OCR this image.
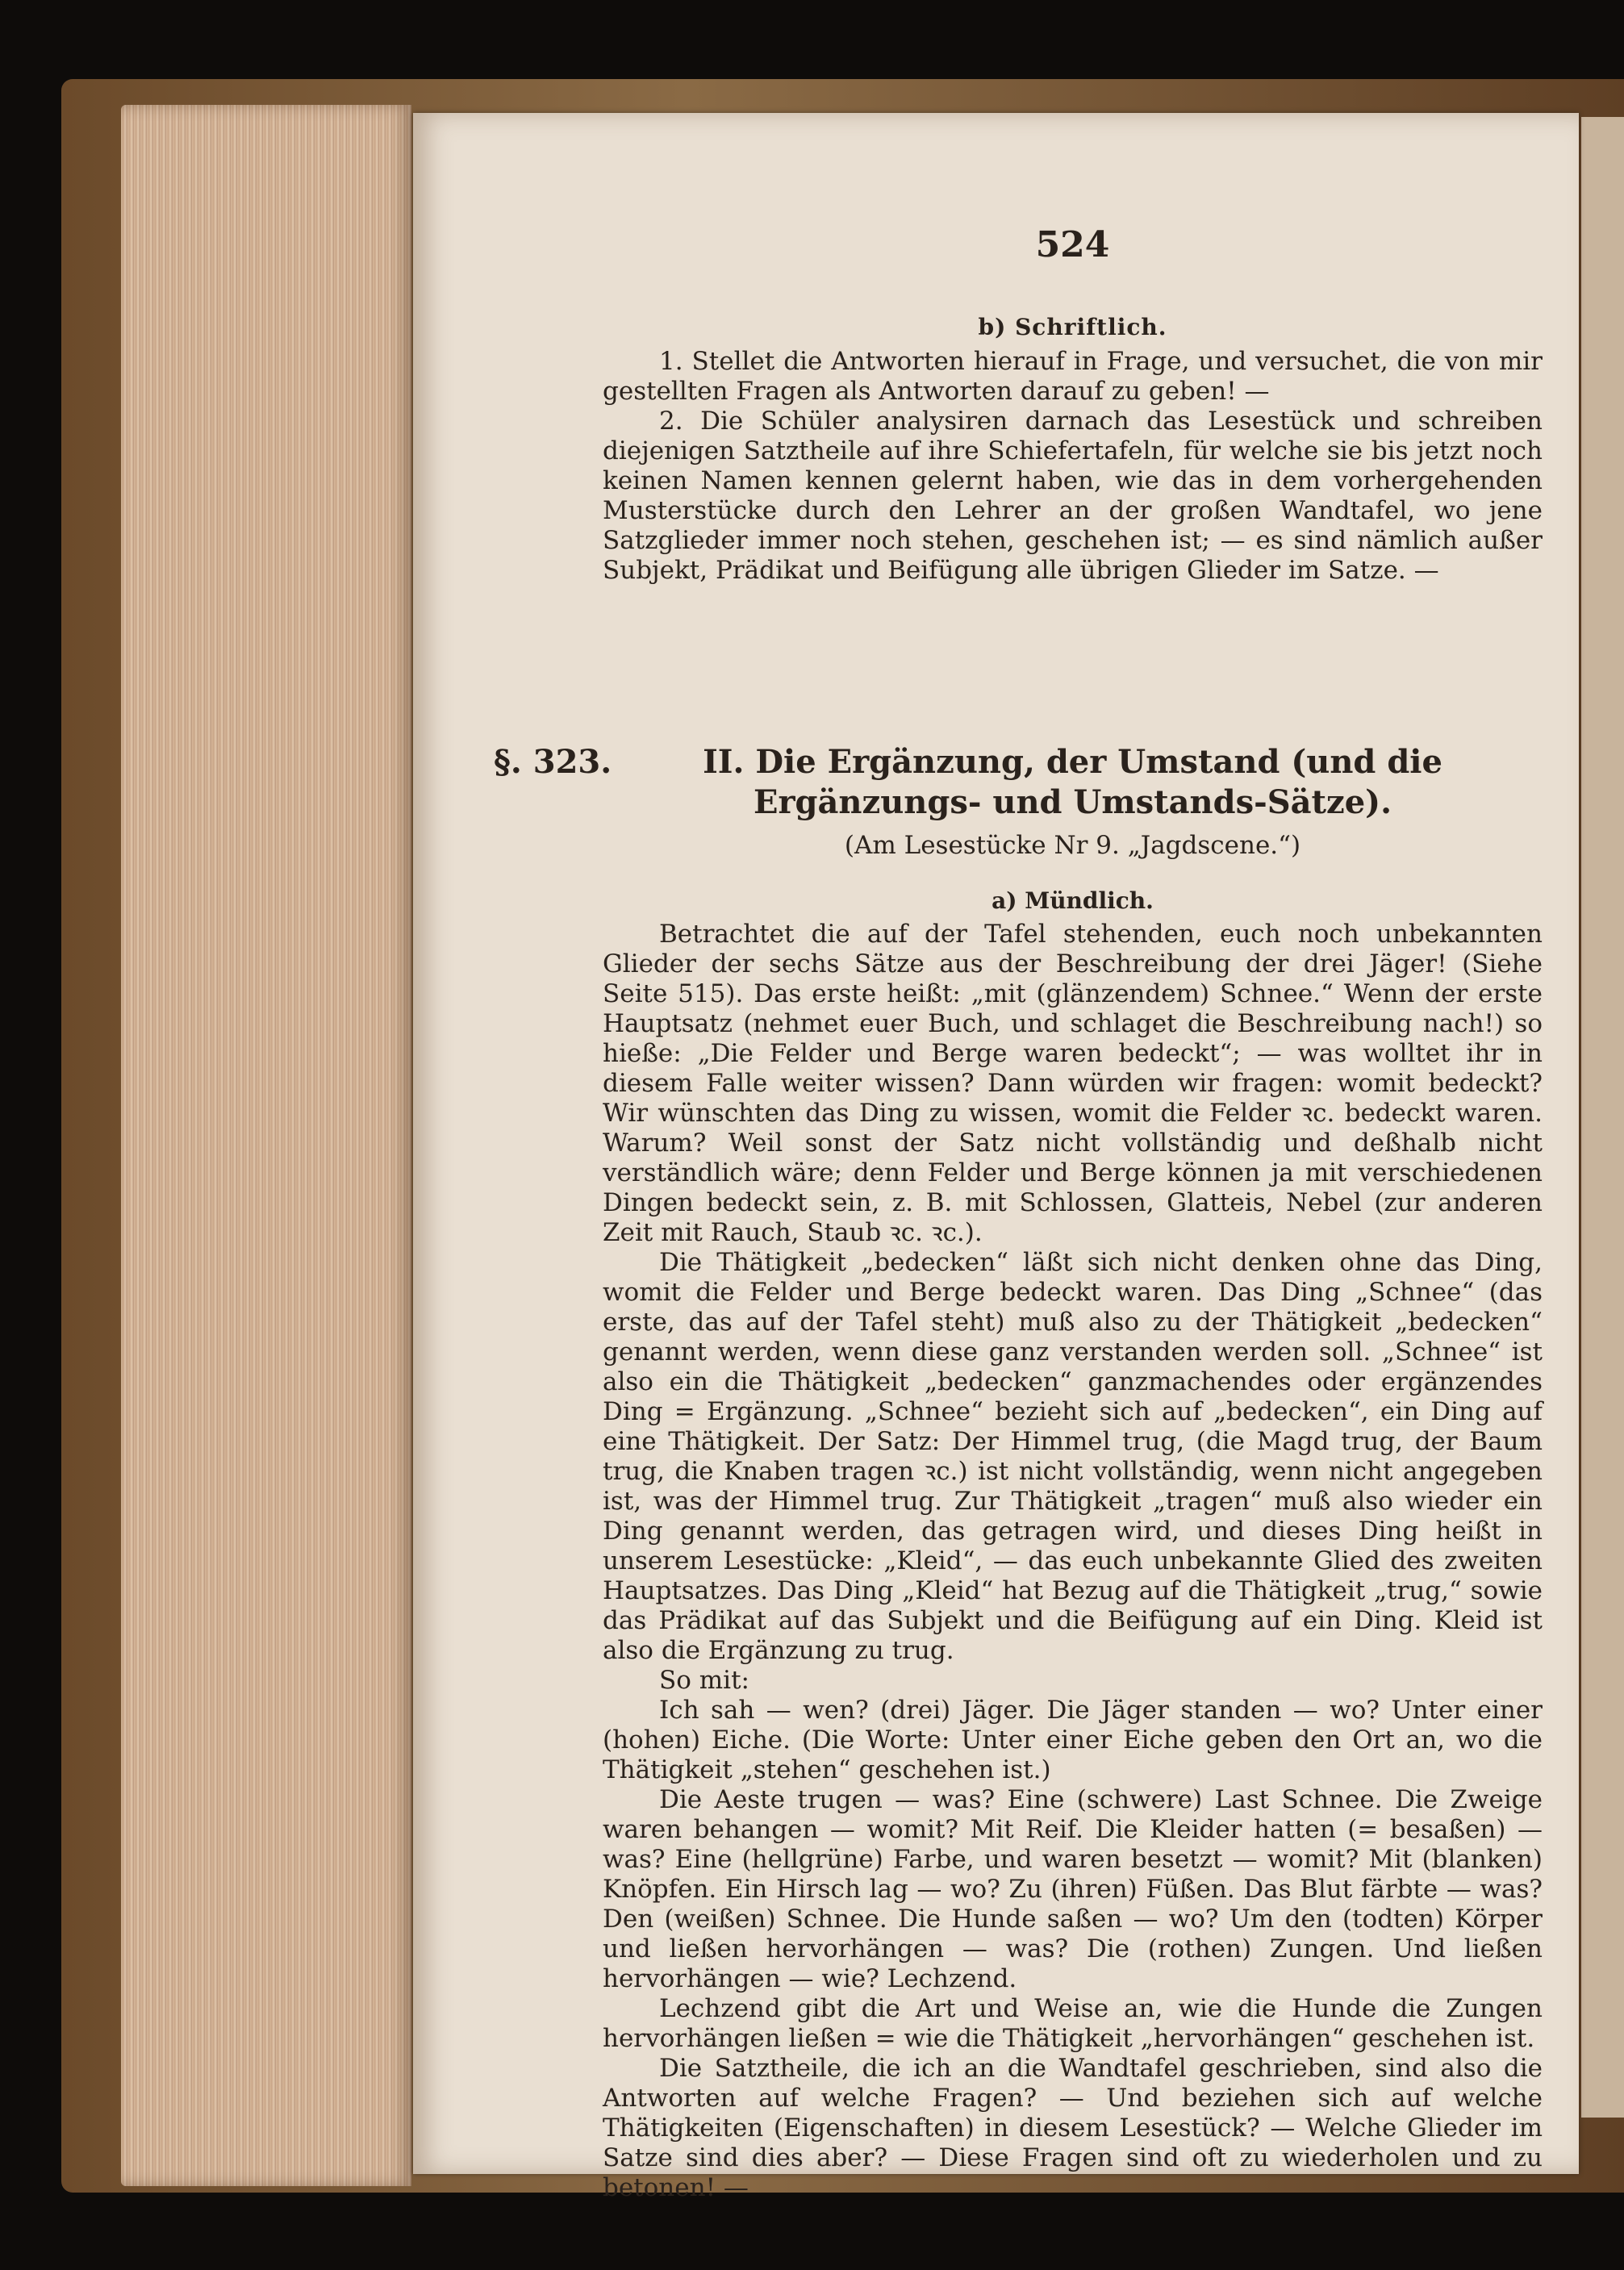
524
b) Schriftlich.

1. Stellet die Antworten hierauf in Frage, und versuchet, die von mir gestellten Fragen als Antworten darauf zu geben! —

2. Die Schüler analysiren darnach das Lesestück und schreiben diejenigen Satztheile auf ihre Schiefertafeln, für welche sie bis jetzt noch keinen Namen kennen gelernt haben, wie das in dem vorhergehenden Musterstücke durch den Lehrer an der großen Wandtafel, wo jene Satzglieder immer noch stehen, geschehen ist; — es sind nämlich außer Subjekt, Prädikat und Beifügung alle übrigen Glieder im Satze. —

§. 323.	II. Die Ergänzung, der Umstand (und die Ergänzungs- und Umstands-Sätze).
(Am Lesestücke Nr 9. „Jagdscene.“)
a) Mündlich.

Betrachtet die auf der Tafel stehenden, euch noch unbekannten Glieder der sechs Sätze aus der Beschreibung der drei Jäger! (Siehe Seite 515). Das erste heißt: „mit (glänzendem) Schnee.“ Wenn der erste Hauptsatz (nehmet euer Buch, und schlaget die Beschreibung nach!) so hieße: „Die Felder und Berge waren bedeckt“; — was wolltet ihr in diesem Falle weiter wissen? Dann würden wir fragen: womit bedeckt? Wir wünschten das Ding zu wissen, womit die Felder ꝛc. bedeckt waren. Warum? Weil sonst der Satz nicht vollständig und deßhalb nicht verständlich wäre; denn Felder und Berge können ja mit verschiedenen Dingen bedeckt sein, z. B. mit Schlossen, Glatteis, Nebel (zur anderen Zeit mit Rauch, Staub ꝛc. ꝛc.).

Die Thätigkeit „bedecken“ läßt sich nicht denken ohne das Ding, womit die Felder und Berge bedeckt waren. Das Ding „Schnee“ (das erste, das auf der Tafel steht) muß also zu der Thätigkeit „bedecken“ genannt werden, wenn diese ganz verstanden werden soll. „Schnee“ ist also ein die Thätigkeit „bedecken“ ganzmachendes oder ergänzendes Ding = Ergänzung. „Schnee“ bezieht sich auf „bedecken“, ein Ding auf eine Thätigkeit. Der Satz: Der Himmel trug, (die Magd trug, der Baum trug, die Knaben tragen ꝛc.) ist nicht vollständig, wenn nicht angegeben ist, was der Himmel trug. Zur Thätigkeit „tragen“ muß also wieder ein Ding genannt werden, das getragen wird, und dieses Ding heißt in unserem Lesestücke: „Kleid“, — das euch unbekannte Glied des zweiten Hauptsatzes. Das Ding „Kleid“ hat Bezug auf die Thätigkeit „trug,“ sowie das Prädikat auf das Subjekt und die Beifügung auf ein Ding. Kleid ist also die Ergänzung zu trug.

So mit:

Ich sah — wen? (drei) Jäger. Die Jäger standen — wo? Unter einer (hohen) Eiche. (Die Worte: Unter einer Eiche geben den Ort an, wo die Thätigkeit „stehen“ geschehen ist.)

Die Aeste trugen — was? Eine (schwere) Last Schnee. Die Zweige waren behangen — womit? Mit Reif. Die Kleider hatten (= besaßen) — was? Eine (hellgrüne) Farbe, und waren besetzt — womit? Mit (blanken) Knöpfen. Ein Hirsch lag — wo? Zu (ihren) Füßen. Das Blut färbte — was? Den (weißen) Schnee. Die Hunde saßen — wo? Um den (todten) Körper und ließen hervorhängen — was? Die (rothen) Zungen. Und ließen hervorhängen — wie? Lechzend.

Lechzend gibt die Art und Weise an, wie die Hunde die Zungen hervorhängen ließen = wie die Thätigkeit „hervorhängen“ geschehen ist.

Die Satztheile, die ich an die Wandtafel geschrieben, sind also die Antworten auf welche Fragen? — Und beziehen sich auf welche Thätigkeiten (Eigenschaften) in diesem Lesestück? — Welche Glieder im Satze sind dies aber? — Diese Fragen sind oft zu wiederholen und zu betonen! —
